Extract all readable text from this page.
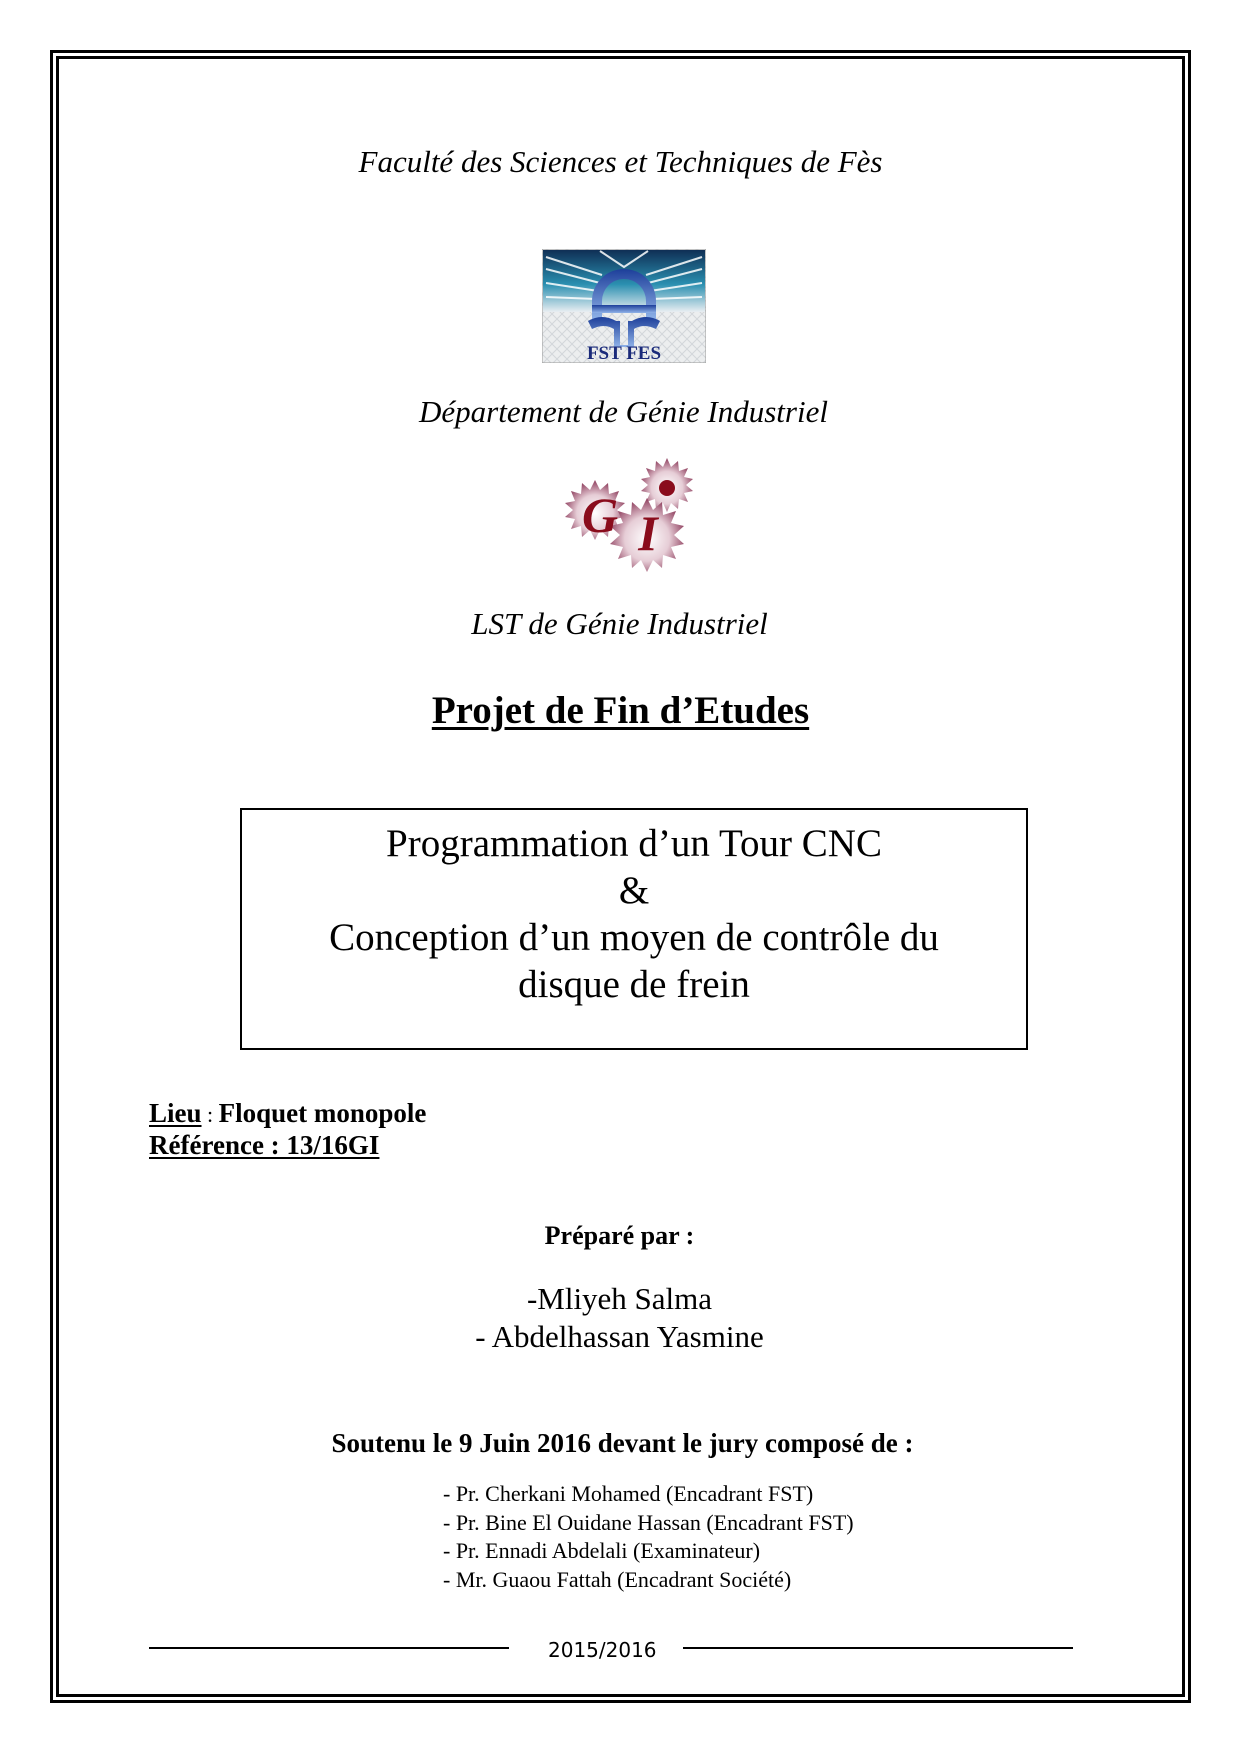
Faculté des Sciences et Techniques de Fès
FST FES
Département de Génie Industriel
G I
LST de Génie Industriel
Projet de Fin d’Etudes
Programmation d’un Tour CNC
&
Conception d’un moyen de contrôle du
disque de frein
Lieu : Floquet monopole
Référence : 13/16GI
Préparé par :
-Mliyeh Salma
- Abdelhassan Yasmine
Soutenu le 9 Juin 2016 devant le jury composé de :
- Pr. Cherkani Mohamed (Encadrant FST)
- Pr. Bine El Ouidane Hassan (Encadrant FST)
- Pr. Ennadi Abdelali (Examinateur)
- Mr. Guaou Fattah (Encadrant Société)
2015/2016
